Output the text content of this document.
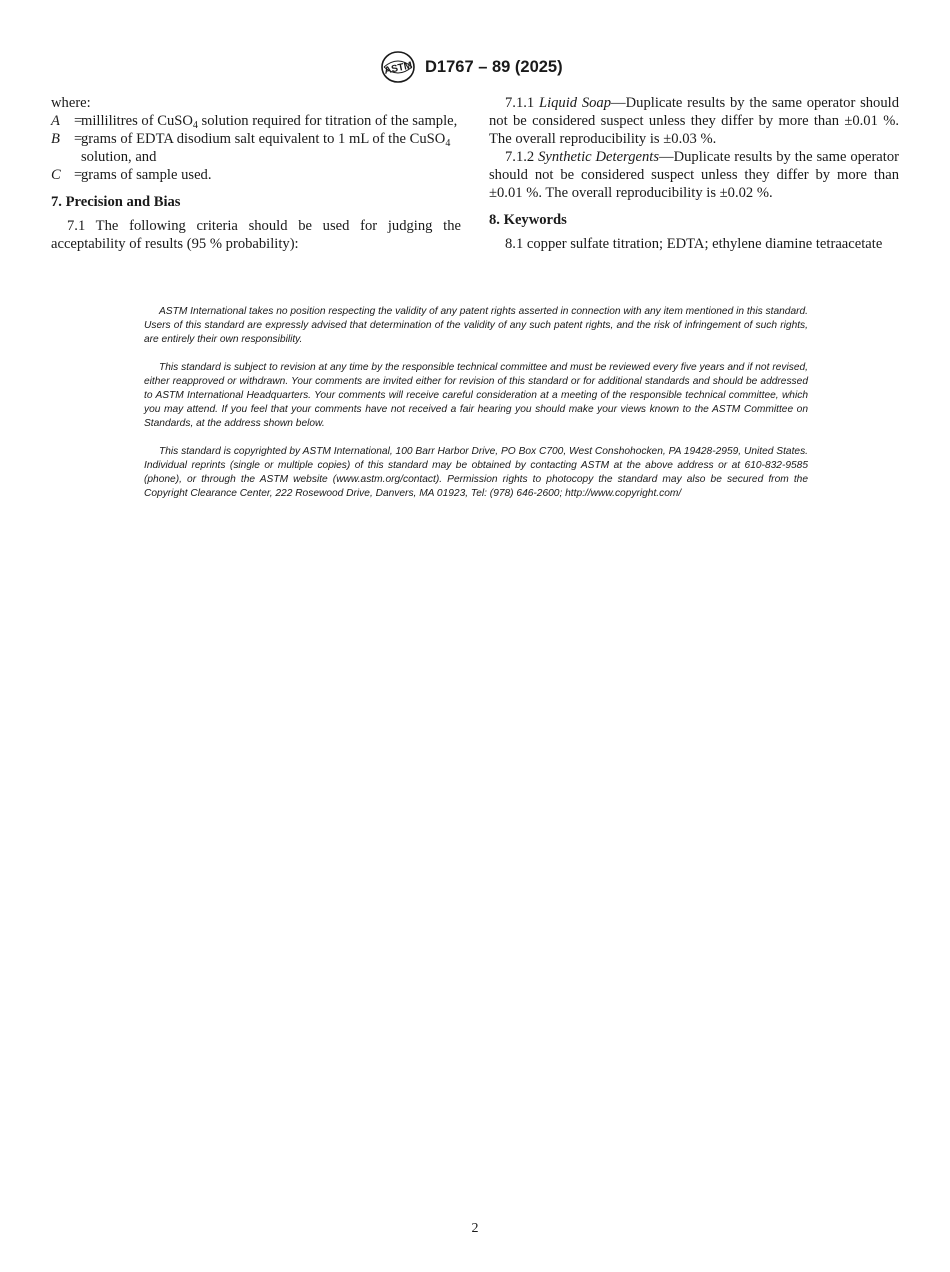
ASTM D1767 – 89 (2025)

where:

A =
millilitres of CuSO$_4$ solution required for titration of the sample,
B =
grams of EDTA disodium salt equivalent to 1 mL of the CuSO$_4$ solution, and
C =
grams of sample used.

7. Precision and Bias

7.1 The following criteria should be used for judging the acceptability of results (95 % probability):

7.1.1 Liquid Soap—Duplicate results by the same operator should not be considered suspect unless they differ by more than ±0.01 %. The overall reproducibility is ±0.03 %.

7.1.2 Synthetic Detergents—Duplicate results by the same operator should not be considered suspect unless they differ by more than ±0.01 %. The overall reproducibility is ±0.02 %.

8. Keywords

8.1 copper sulfate titration; EDTA; ethylene diamine tetraacetate

ASTM International takes no position respecting the validity of any patent rights asserted in connection with any item mentioned in this standard. Users of this standard are expressly advised that determination of the validity of any such patent rights, and the risk of infringement of such rights, are entirely their own responsibility.

This standard is subject to revision at any time by the responsible technical committee and must be reviewed every five years and if not revised, either reapproved or withdrawn. Your comments are invited either for revision of this standard or for additional standards and should be addressed to ASTM International Headquarters. Your comments will receive careful consideration at a meeting of the responsible technical committee, which you may attend. If you feel that your comments have not received a fair hearing you should make your views known to the ASTM Committee on Standards, at the address shown below.

This standard is copyrighted by ASTM International, 100 Barr Harbor Drive, PO Box C700, West Conshohocken, PA 19428-2959, United States. Individual reprints (single or multiple copies) of this standard may be obtained by contacting ASTM at the above address or at 610-832-9585 (phone), or through the ASTM website (www.astm.org/contact). Permission rights to photocopy the standard may also be secured from the Copyright Clearance Center, 222 Rosewood Drive, Danvers, MA 01923, Tel: (978) 646-2600; http://www.copyright.com/

2
